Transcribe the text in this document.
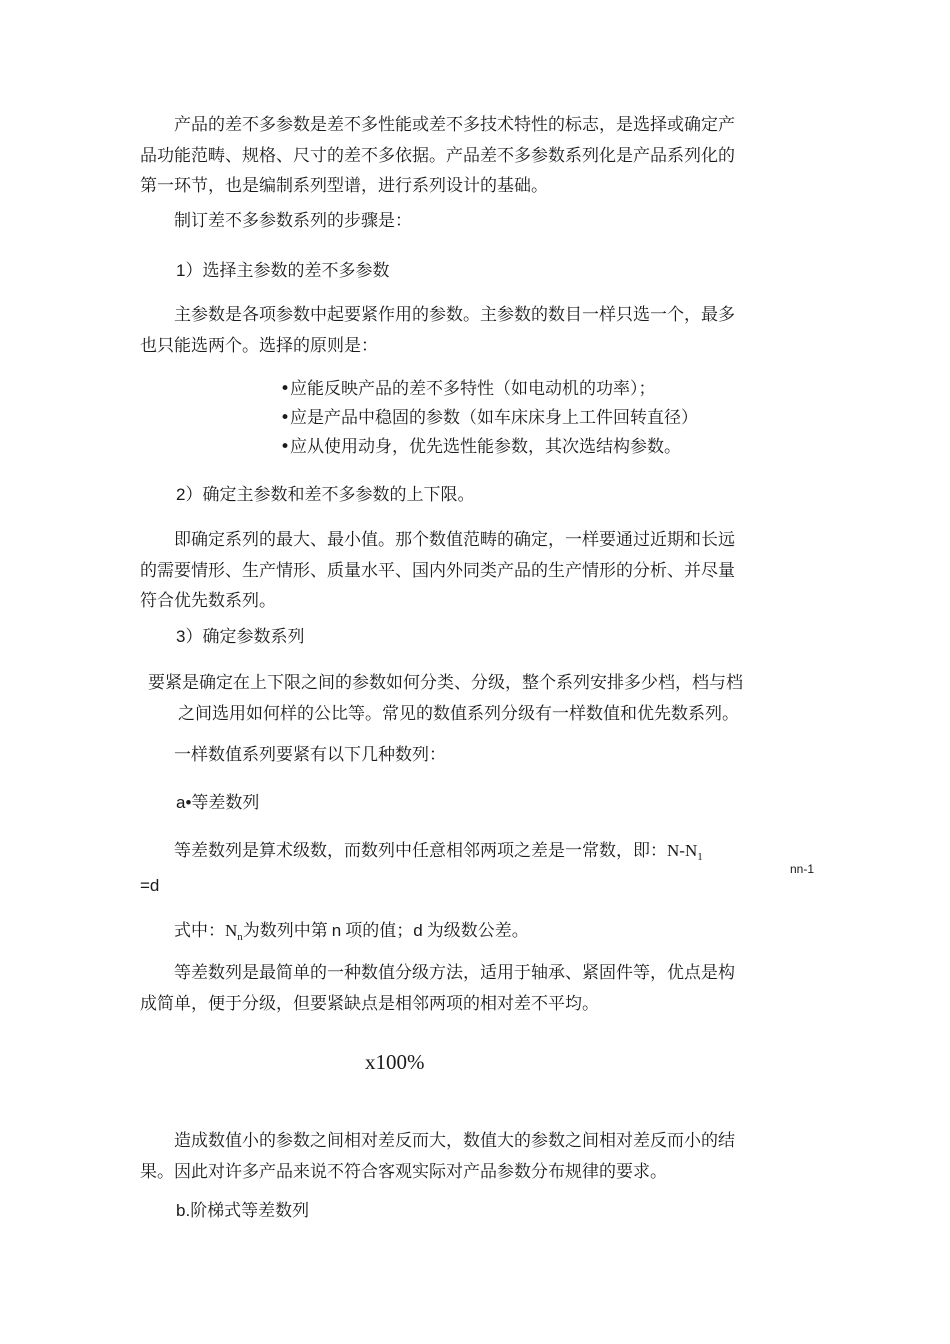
　　产品的差不多参数是差不多性能或差不多技术特性的标志，是选择或确定产
品功能范畴、规格、尺寸的差不多依据。产品差不多参数系列化是产品系列化的
第一环节，也是编制系列型谱，进行系列设计的基础。

　　制订差不多参数系列的步骤是：

1）选择主参数的差不多参数

　　主参数是各项参数中起要紧作用的参数。主参数的数目一样只选一个，最多
也只能选两个。选择的原则是：

•应能反映产品的差不多特性（如电动机的功率）；
•应是产品中稳固的参数（如车床床身上工件回转直径）
•应从使用动身，优先选性能参数，其次选结构参数。

2）确定主参数和差不多参数的上下限。

　　即确定系列的最大、最小值。那个数值范畴的确定，一样要通过近期和长远
的需要情形、生产情形、质量水平、国内外同类产品的生产情形的分析、并尽量
符合优先数系列。

3）确定参数系列

要紧是确定在上下限之间的参数如何分类、分级，整个系列安排多少档，档与档
之间选用如何样的公比等。常见的数值系列分级有一样数值和优先数系列。

　　一样数值系列要紧有以下几种数列：

a•等差数列

　　等差数列是算术级数，而数列中任意相邻两项之差是一常数，即：$N-N_1$

nn-1
=d

　　式中：$N_n$为数列中第 n 项的值；d 为级数公差。

　　等差数列是最简单的一种数值分级方法，适用于轴承、紧固件等，优点是构
成简单，便于分级，但要紧缺点是相邻两项的相对差不平均。

x100%

　　造成数值小的参数之间相对差反而大，数值大的参数之间相对差反而小的结
果。因此对许多产品来说不符合客观实际对产品参数分布规律的要求。

b.阶梯式等差数列
